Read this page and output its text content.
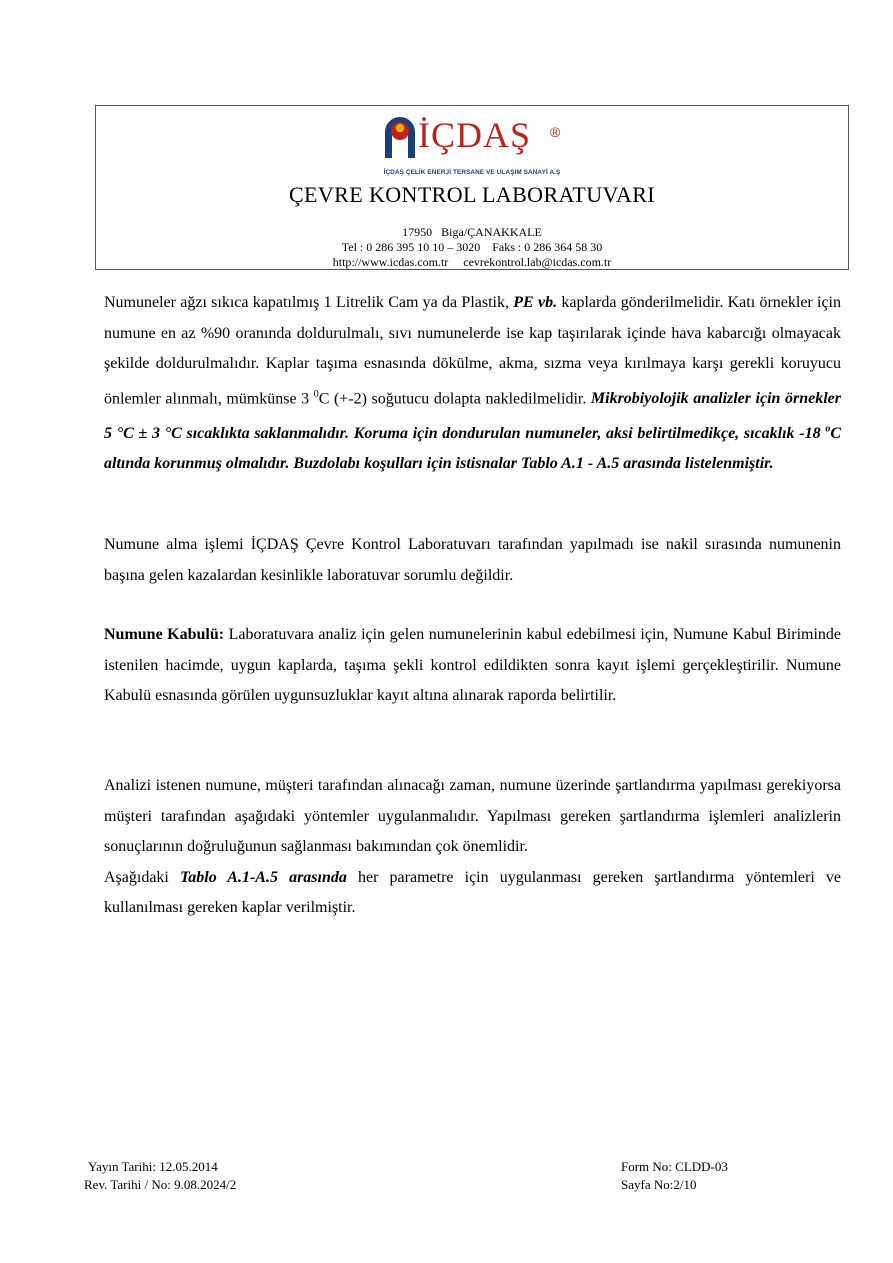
İÇDAŞ ®
İÇDAŞ ÇELİK ENERJİ TERSANE VE ULAŞIM SANAYİ A.Ş
ÇEVRE KONTROL LABORATUVARI
17950   Biga/ÇANAKKALE
Tel : 0 286 395 10 10 – 3020    Faks : 0 286 364 58 30
http://www.icdas.com.tr     cevrekontrol.lab@icdas.com.tr

Numuneler ağzı sıkıca kapatılmış 1 Litrelik Cam ya da Plastik, PE vb. kaplarda gönderilmelidir. Katı örnekler için numune en az %90 oranında doldurulmalı, sıvı numunelerde ise kap taşırılarak içinde hava kabarcığı olmayacak şekilde doldurulmalıdır. Kaplar taşıma esnasında dökülme, akma, sızma veya kırılmaya karşı gerekli koruyucu önlemler alınmalı, mümkünse 3 $^0$C (+-2) soğutucu dolapta nakledilmelidir. Mikrobiyolojik analizler için örnekler 5 °C ± 3 °C sıcaklıkta saklanmalıdır. Koruma için dondurulan numuneler, aksi belirtilmedikçe, sıcaklık -18 $^o$C altında korunmuş olmalıdır. Buzdolabı koşulları için istisnalar Tablo A.1 - A.5 arasında listelenmiştir.

Numune alma işlemi İÇDAŞ Çevre Kontrol Laboratuvarı tarafından yapılmadı ise nakil sırasında numunenin başına gelen kazalardan kesinlikle laboratuvar sorumlu değildir.

Numune Kabulü: Laboratuvara analiz için gelen numunelerinin kabul edebilmesi için, Numune Kabul Biriminde istenilen hacimde, uygun kaplarda, taşıma şekli kontrol edildikten sonra kayıt işlemi gerçekleştirilir. Numune Kabulü esnasında görülen uygunsuzluklar kayıt altına alınarak raporda belirtilir.

Analizi istenen numune, müşteri tarafından alınacağı zaman, numune üzerinde şartlandırma yapılması gerekiyorsa müşteri tarafından aşağıdaki yöntemler uygulanmalıdır. Yapılması gereken şartlandırma işlemleri analizlerin sonuçlarının doğruluğunun sağlanması bakımından çok önemlidir.

Aşağıdaki Tablo A.1-A.5 arasında her parametre için uygulanması gereken şartlandırma yöntemleri ve kullanılması gereken kaplar verilmiştir.

Yayın Tarihi: 12.05.2014
Rev. Tarihi / No: 9.08.2024/2
Form No: CLDD-03
Sayfa No:2/10
